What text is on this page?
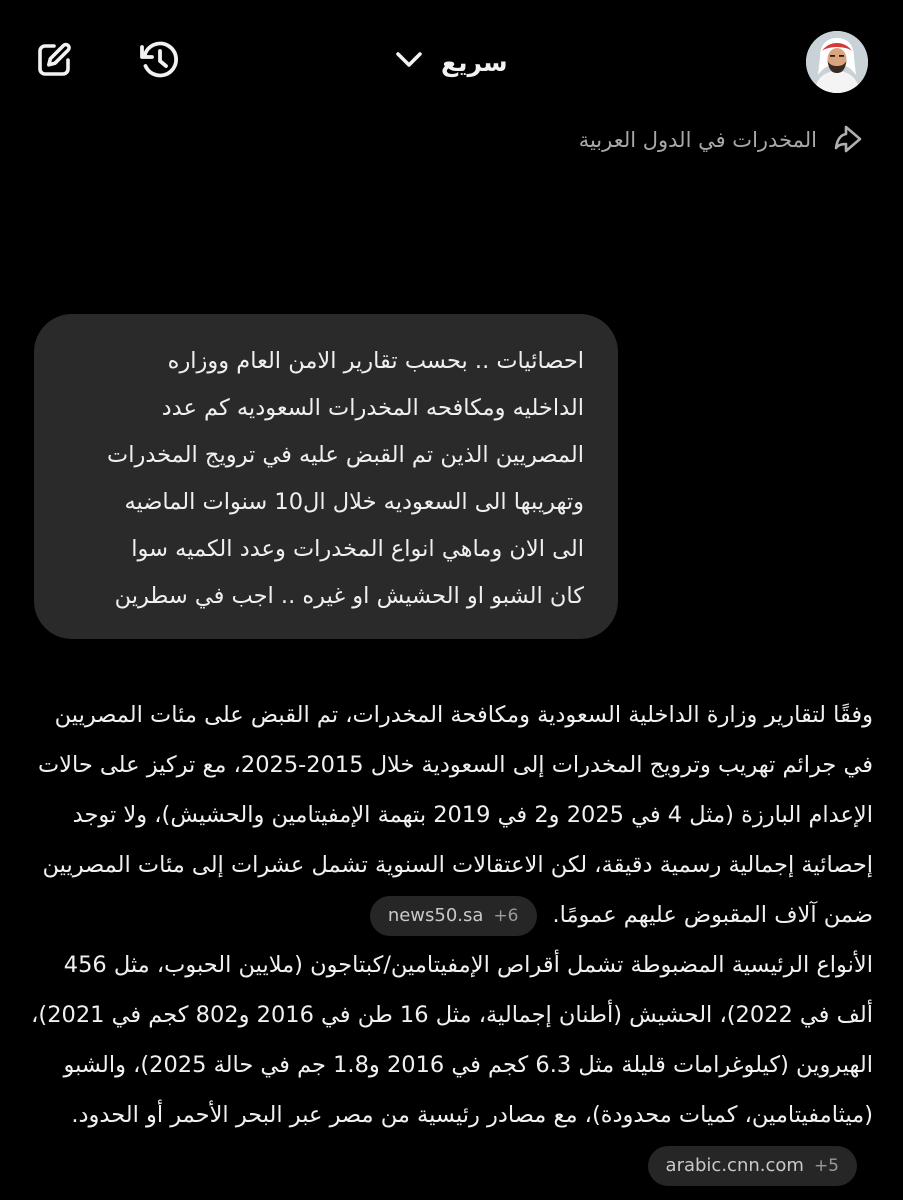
سريع
المخدرات في الدول العربية

احصائيات .. بحسب تقارير الامن العام ووزاره
الداخليه ومكافحه المخدرات السعوديه كم عدد
المصريين الذين تم القبض عليه في ترويج المخدرات
وتهريبها الى السعوديه خلال ال10 سنوات الماضيه
الى الان وماهي انواع المخدرات وعدد الكميه سوا
كان الشبو او الحشيش او غيره .. اجب في سطرين

وفقًا لتقارير وزارة الداخلية السعودية ومكافحة المخدرات، تم القبض على مئات المصريين في جرائم تهريب وترويج المخدرات إلى السعودية خلال 2015-2025، مع تركيز على حالات الإعدام البارزة (مثل 4 في 2025 و2 في 2019 بتهمة الإمفيتامين والحشيش)، ولا توجد إحصائية إجمالية رسمية دقيقة، لكن الاعتقالات السنوية تشمل عشرات إلى مئات المصريين ضمن آلاف المقبوض عليهم عمومًا.
news50.sa +6

الأنواع الرئيسية المضبوطة تشمل أقراص الإمفيتامين/كبتاجون (ملايين الحبوب، مثل 456 ألف في 2022)، الحشيش (أطنان إجمالية، مثل 16 طن في 2016 و802 كجم في 2021)، الهيروين (كيلوغرامات قليلة مثل 6.3 كجم في 2016 و1.8 جم في حالة 2025)، والشبو (ميثامفيتامين، كميات محدودة)، مع مصادر رئيسية من مصر عبر البحر الأحمر أو الحدود.
arabic.cnn.com +5
